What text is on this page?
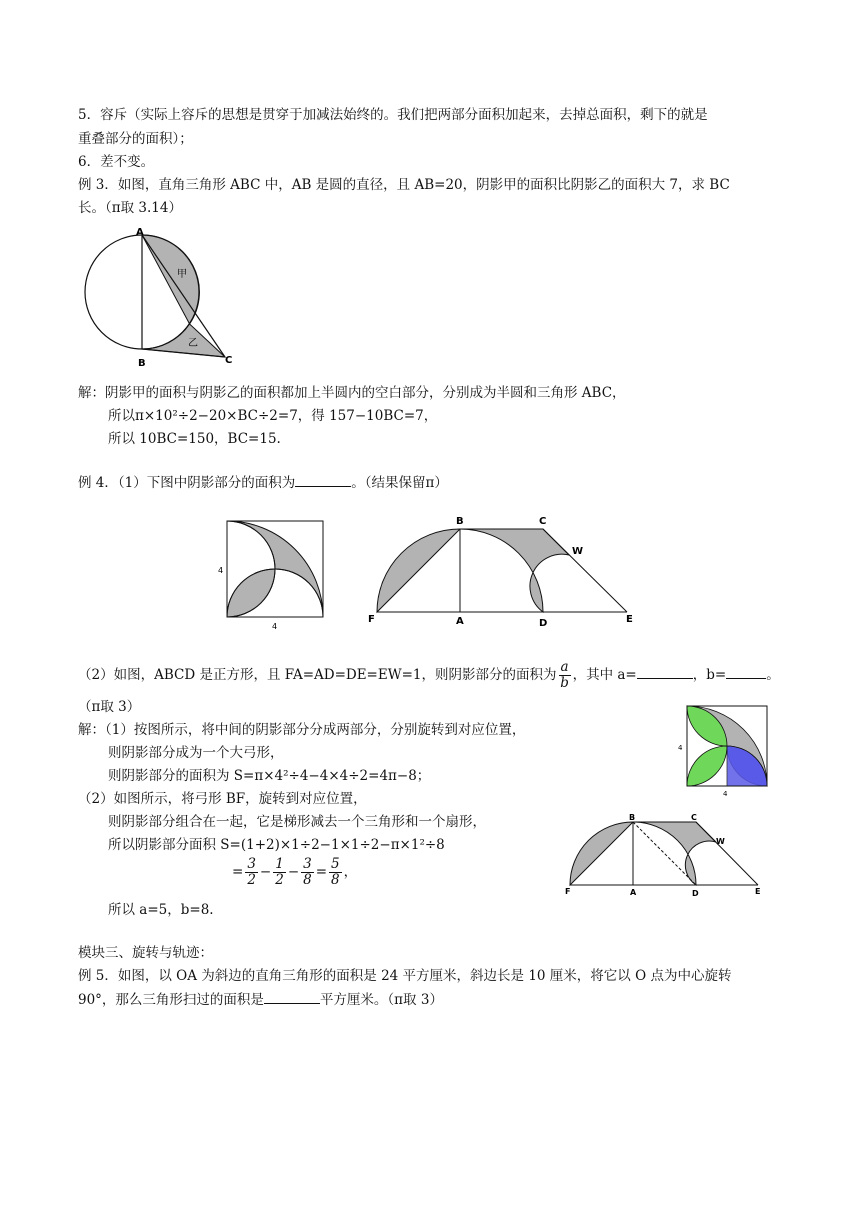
5．容斥（实际上容斥的思想是贯穿于加减法始终的。我们把两部分面积加起来，去掉总面积，剩下的就是
重叠部分的面积）；
6．差不变。
例 3．如图，直角三角形 ABC 中，AB 是圆的直径，且 AB=20，阴影甲的面积比阴影乙的面积大 7，求 BC
长。（π取 3.14）
A
B	C
甲
乙
解：阴影甲的面积与阴影乙的面积都加上半圆内的空白部分，分别成为半圆和三角形 ABC，
所以π×10²÷2−20×BC÷2=7，得 157−10BC=7，
所以 10BC=150，BC=15.
例 4．（1）下图中阴影部分的面积为	。（结果保留π）
4
4
B	C
W
F	A	D	E
（2）如图，ABCD 是正方形，且 FA=AD=DE=EW=1，则阴影部分的面积为 $\frac{a}{b}$ ，其中 a=	，b=	。
（π取 3）
解：（1）按图所示，将中间的阴影部分分成两部分，分别旋转到对应位置，
则阴影部分成为一个大弓形，
则阴影部分的面积为 S=π×4²÷4−4×4÷2=4π−8；
（2）如图所示，将弓形 BF，旋转到对应位置，
则阴影部分组合在一起，它是梯形减去一个三角形和一个扇形，
所以阴影部分面积 S=(1+2)×1÷2−1×1÷2−π×1²÷8
= $\frac{3}{2} - \frac{1}{2} - \frac{3}{8} = \frac{5}{8}$ ，
所以 a=5，b=8.
4
4
B	C
W
F	A	D	E
模块三、旋转与轨迹：
例 5．如图，以 OA 为斜边的直角三角形的面积是 24 平方厘米，斜边长是 10 厘米，将它以 O 点为中心旋转
90°，那么三角形扫过的面积是	平方厘米。（π取 3）
